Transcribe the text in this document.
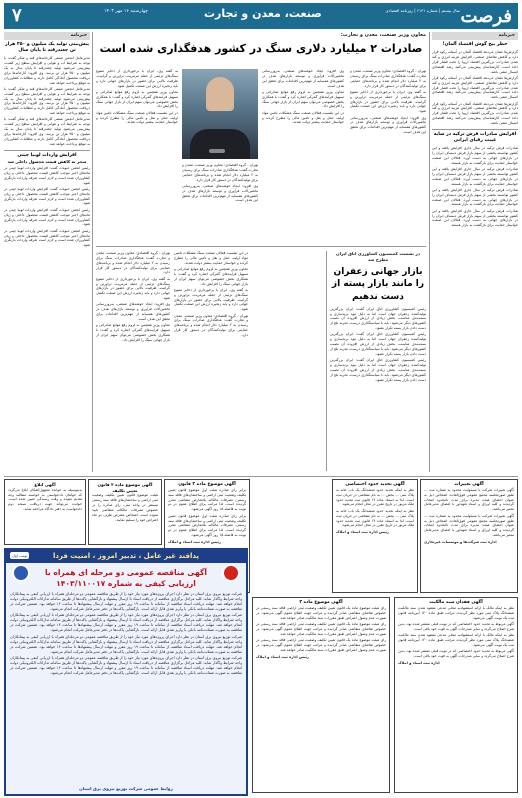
فرصت
سال بیستم | شماره ۶۱۳۱ | روزنامه اقتصادی
صنعت، معدن و تجارت
چهارشنبه ۱۶ مهر ۱۴۰۳
۷
خبرنامه
خطر بیخ گوش اقتصاد آلمان!

گزارش‌ها نشان می‌دهد اقتصاد آلمان در آستانه رکود قرار دارد و کاهش تقاضای صنعتی، افزایش هزینه انرژی و کند شدن صادرات، بزرگترین اقتصاد اروپا را تحت فشار قرار داده است. کارشناسان پیش‌بینی می‌کنند رشد اقتصادی امسال منفی باشد.

گزارش‌ها نشان می‌دهد اقتصاد آلمان در آستانه رکود قرار دارد و کاهش تقاضای صنعتی، افزایش هزینه انرژی و کند شدن صادرات، بزرگترین اقتصاد اروپا را تحت فشار قرار داده است. کارشناسان پیش‌بینی می‌کنند رشد اقتصادی امسال منفی باشد.

گزارش‌ها نشان می‌دهد اقتصاد آلمان در آستانه رکود قرار دارد و کاهش تقاضای صنعتی، افزایش هزینه انرژی و کند شدن صادرات، بزرگترین اقتصاد اروپا را تحت فشار قرار داده است. کارشناسان پیش‌بینی می‌کنند رشد اقتصادی امسال منفی باشد.

افزایش صادرات فرش ترکیه در سایه غیبت رقبای ایرانی

صادرات فرش ترکیه در سال جاری افزایش یافته و این کشور توانسته بخشی از سهم بازار فرش دستباف ایران را در بازارهای جهانی به دست آورد. فعالان این صنعت خواستار حمایت برای بازگشت به بازار هستند.

صادرات فرش ترکیه در سال جاری افزایش یافته و این کشور توانسته بخشی از سهم بازار فرش دستباف ایران را در بازارهای جهانی به دست آورد. فعالان این صنعت خواستار حمایت برای بازگشت به بازار هستند.

صادرات فرش ترکیه در سال جاری افزایش یافته و این کشور توانسته بخشی از سهم بازار فرش دستباف ایران را در بازارهای جهانی به دست آورد. فعالان این صنعت خواستار حمایت برای بازگشت به بازار هستند.

صادرات فرش ترکیه در سال جاری افزایش یافته و این کشور توانسته بخشی از سهم بازار فرش دستباف ایران را در بازارهای جهانی به دست آورد. فعالان این صنعت خواستار حمایت برای بازگشت به بازار هستند.

خبرنامه
پیش‌بینی تولید یک میلیون و ۳۵۰ هزار تن چغندرقند تا پایان سال

مدیرعامل انجمن صنفی کارخانه‌های قند و شکر گفت: با توجه به شرایط آب و هوایی و افزایش سطح زیر کشت، پیش‌بینی می‌شود تولید چغندرقند تا پایان سال به یک میلیون و ۳۵۰ هزار تن برسد. وی افزود: کارخانه‌ها برای دریافت محصول آمادگی کامل دارند و مطالبات کشاورزان به موقع پرداخت خواهد شد.

مدیرعامل انجمن صنفی کارخانه‌های قند و شکر گفت: با توجه به شرایط آب و هوایی و افزایش سطح زیر کشت، پیش‌بینی می‌شود تولید چغندرقند تا پایان سال به یک میلیون و ۳۵۰ هزار تن برسد. وی افزود: کارخانه‌ها برای دریافت محصول آمادگی کامل دارند و مطالبات کشاورزان به موقع پرداخت خواهد شد.

مدیرعامل انجمن صنفی کارخانه‌های قند و شکر گفت: با توجه به شرایط آب و هوایی و افزایش سطح زیر کشت، پیش‌بینی می‌شود تولید چغندرقند تا پایان سال به یک میلیون و ۳۵۰ هزار تن برسد. وی افزود: کارخانه‌ها برای دریافت محصول آمادگی کامل دارند و مطالبات کشاورزان به موقع پرداخت خواهد شد.

افزایش واردات لوبیا چیتی
منجر به کاهش قیمت محصول داخلی شد

رئیس انجمن حبوبات گفت: افزایش واردات لوبیا چیتی در ماه‌های اخیر موجب کاهش قیمت محصول داخلی و زیان کشاورزان شده است و لازم است تعرفه واردات بازنگری شود.

رئیس انجمن حبوبات گفت: افزایش واردات لوبیا چیتی در ماه‌های اخیر موجب کاهش قیمت محصول داخلی و زیان کشاورزان شده است و لازم است تعرفه واردات بازنگری شود.

رئیس انجمن حبوبات گفت: افزایش واردات لوبیا چیتی در ماه‌های اخیر موجب کاهش قیمت محصول داخلی و زیان کشاورزان شده است و لازم است تعرفه واردات بازنگری شود.

رئیس انجمن حبوبات گفت: افزایش واردات لوبیا چیتی در ماه‌های اخیر موجب کاهش قیمت محصول داخلی و زیان کشاورزان شده است و لازم است تعرفه واردات بازنگری شود.

معاون وزیر صنعت، معدن و تجارت:
صادرات ۲ میلیارد دلاری سنگ در کشور هدفگذاری شده است

تهران - گروه اقتصادی: معاون وزیر صنعت، معدن و تجارت گفت: هدفگذاری صادرات سنگ برای رسیدن به ۲ میلیارد دلار انجام شده و برنامه‌های حمایتی برای تولیدکنندگان در دستور کار قرار دارد.

به گفته وی، ایران با برخورداری از ذخایر متنوع سنگ‌های تزئینی از جمله مرمریت، تراورتن و گرانیت، ظرفیت بالایی برای حضور در بازارهای جهانی دارد و باید زنجیره ارزش این صنعت تکمیل شود.

وی افزود: ایجاد خوشه‌های صنعتی، به‌روزرسانی ماشین‌آلات فرآوری و توسعه بازارهای هدف در کشورهای همسایه از مهم‌ترین اقدامات برای تحقق این هدف است.

وی افزود: ایجاد خوشه‌های صنعتی، به‌روزرسانی ماشین‌آلات فرآوری و توسعه بازارهای هدف در کشورهای همسایه از مهم‌ترین اقدامات برای تحقق این هدف است.

معاون وزیر همچنین به لزوم رفع موانع صادراتی و تسهیل فرآیندهای گمرکی اشاره کرد و گفت: با همکاری بخش خصوصی می‌توان سهم ایران از بازار جهانی سنگ را افزایش داد.

در این نشست فعالان صنعت سنگ مشکلات تامین مواد اولیه، حمل و نقل و تامین مالی را مطرح کردند و خواستار حمایت بیشتر دولت شدند.

به گفته وی، ایران با برخورداری از ذخایر متنوع سنگ‌های تزئینی از جمله مرمریت، تراورتن و گرانیت، ظرفیت بالایی برای حضور در بازارهای جهانی دارد و باید زنجیره ارزش این صنعت تکمیل شود.

معاون وزیر همچنین به لزوم رفع موانع صادراتی و تسهیل فرآیندهای گمرکی اشاره کرد و گفت: با همکاری بخش خصوصی می‌توان سهم ایران از بازار جهانی سنگ را افزایش داد.

در این نشست فعالان صنعت سنگ مشکلات تامین مواد اولیه، حمل و نقل و تامین مالی را مطرح کردند و خواستار حمایت بیشتر دولت شدند.

تهران - گروه اقتصادی: معاون وزیر صنعت، معدن و تجارت گفت: هدفگذاری صادرات سنگ برای رسیدن به ۲ میلیارد دلار انجام شده و برنامه‌های حمایتی برای تولیدکنندگان در دستور کار قرار دارد.

وی افزود: ایجاد خوشه‌های صنعتی، به‌روزرسانی ماشین‌آلات فرآوری و توسعه بازارهای هدف در کشورهای همسایه از مهم‌ترین اقدامات برای تحقق این هدف است.

در نشست کمیسیون کشاورزی اتاق ایران مطرح شد
بازار جهانی زعفران را مانند بازار پسته از دست ندهیم

رئیس کمیسیون کشاورزی اتاق ایران گفت: ایران بزرگترین تولیدکننده زعفران جهان است اما به دلیل نبود برندسازی و بسته‌بندی مناسب، بخش زیادی از ارزش افزوده آن نصیب کشورهای دیگر می‌شود. باید با سیاستگذاری درست، تجربه تلخ از دست دادن بازار پسته تکرار نشود.

رئیس کمیسیون کشاورزی اتاق ایران گفت: ایران بزرگترین تولیدکننده زعفران جهان است اما به دلیل نبود برندسازی و بسته‌بندی مناسب، بخش زیادی از ارزش افزوده آن نصیب کشورهای دیگر می‌شود. باید با سیاستگذاری درست، تجربه تلخ از دست دادن بازار پسته تکرار نشود.

رئیس کمیسیون کشاورزی اتاق ایران گفت: ایران بزرگترین تولیدکننده زعفران جهان است اما به دلیل نبود برندسازی و بسته‌بندی مناسب، بخش زیادی از ارزش افزوده آن نصیب کشورهای دیگر می‌شود. باید با سیاستگذاری درست، تجربه تلخ از دست دادن بازار پسته تکرار نشود.

تهران - گروه اقتصادی: معاون وزیر صنعت، معدن و تجارت گفت: هدفگذاری صادرات سنگ برای رسیدن به ۲ میلیارد دلار انجام شده و برنامه‌های حمایتی برای تولیدکنندگان در دستور کار قرار دارد.

به گفته وی، ایران با برخورداری از ذخایر متنوع سنگ‌های تزئینی از جمله مرمریت، تراورتن و گرانیت، ظرفیت بالایی برای حضور در بازارهای جهانی دارد و باید زنجیره ارزش این صنعت تکمیل شود.

وی افزود: ایجاد خوشه‌های صنعتی، به‌روزرسانی ماشین‌آلات فرآوری و توسعه بازارهای هدف در کشورهای همسایه از مهم‌ترین اقدامات برای تحقق این هدف است.

معاون وزیر همچنین به لزوم رفع موانع صادراتی و تسهیل فرآیندهای گمرکی اشاره کرد و گفت: با همکاری بخش خصوصی می‌توان سهم ایران از بازار جهانی سنگ را افزایش داد.

در این نشست فعالان صنعت سنگ مشکلات تامین مواد اولیه، حمل و نقل و تامین مالی را مطرح کردند و خواستار حمایت بیشتر دولت شدند.

معاون وزیر همچنین به لزوم رفع موانع صادراتی و تسهیل فرآیندهای گمرکی اشاره کرد و گفت: با همکاری بخش خصوصی می‌توان سهم ایران از بازار جهانی سنگ را افزایش داد.

به گفته وی، ایران با برخورداری از ذخایر متنوع سنگ‌های تزئینی از جمله مرمریت، تراورتن و گرانیت، ظرفیت بالایی برای حضور در بازارهای جهانی دارد و باید زنجیره ارزش این صنعت تکمیل شود.

تهران - گروه اقتصادی: معاون وزیر صنعت، معدن و تجارت گفت: هدفگذاری صادرات سنگ برای رسیدن به ۲ میلیارد دلار انجام شده و برنامه‌های حمایتی برای تولیدکنندگان در دستور کار قرار دارد.

آگهی تغییرات

آگهی تغییرات شرکت با مسئولیت محدود به شماره ثبت ... طبق صورتجلسه مجمع عمومی فوق‌العاده، اشخاص ذیل به عنوان اعضای هیئت مدیره برای مدت نامحدود انتخاب گردیدند و کلیه اوراق و اسناد تعهدآور با امضای مدیرعامل معتبر می‌باشد.

آگهی تغییرات شرکت با مسئولیت محدود به شماره ثبت ... طبق صورتجلسه مجمع عمومی فوق‌العاده، اشخاص ذیل به عنوان اعضای هیئت مدیره برای مدت نامحدود انتخاب گردیدند و کلیه اوراق و اسناد تعهدآور با امضای مدیرعامل معتبر می‌باشد.

اداره ثبت شرکت‌ها و موسسات غیرتجاری
آگهی تحدید حدود اختصاصی

نظر به اینکه تحدید حدود ششدانگ یک باب خانه به پلاک ثبتی ... بخش ... به نام متقاضی در جریان ثبت است، لذا به استناد ماده ۱۴ قانون ثبت تحدید حدود ملک مزبور در تاریخ مقرر در محل انجام می‌شود.

نظر به اینکه تحدید حدود ششدانگ یک باب خانه به پلاک ثبتی ... بخش ... به نام متقاضی در جریان ثبت است، لذا به استناد ماده ۱۴ قانون ثبت تحدید حدود ملک مزبور در تاریخ مقرر در محل انجام می‌شود.

رئیس اداره ثبت اسناد و املاک
آگهی موضوع ماده ۳ قانون

برابر رای صادره هیئت اول موضوع قانون تعیین تکلیف وضعیت ثبتی اراضی و ساختمان‌های فاقد سند رسمی، تصرفات مالکانه بلامعارض متقاضی محرز گردیده است. لذا مراتب برای اطلاع عموم در دو نوبت به فاصله ۱۵ روز آگهی می‌شود.

برابر رای صادره هیئت اول موضوع قانون تعیین تکلیف وضعیت ثبتی اراضی و ساختمان‌های فاقد سند رسمی، تصرفات مالکانه بلامعارض متقاضی محرز گردیده است. لذا مراتب برای اطلاع عموم در دو نوبت به فاصله ۱۵ روز آگهی می‌شود.

رئیس اداره ثبت اسناد و املاک
آگهی موضوع ماده ۳ قانون تعیین تکلیف

هیئت موضوع قانون تعیین تکلیف وضعیت ثبتی اراضی و ساختمان‌های فاقد سند رسمی مستقر در واحد ثبتی، رای صادره را در خصوص تصرفات مالکانه متقاضی تایید نموده است. اشخاص معترض ظرف دو ماه اعتراض خود را تسلیم نمایند.

آگهی ابلاغ

بدینوسیله به خوانده مجهول‌المکان ابلاغ می‌گردد که خواهان دادخواستی به خواسته مطالبه وجه تقدیم نموده و وقت رسیدگی تعیین شده است. خوانده می‌تواند جهت دریافت نسخه دوم دادخواست به دفتر دادگاه مراجعه نماید.

پدافند غیر عامل ، تدبیر امروز ، امنیت فردا
نوبت اول
آگهی مناقصه عمومی دو مرحله ای همراه با ارزیابی کیفی به شماره ۱۴۰۳/۱۱۰۰۱۷

شرکت توزیع نیروی برق استان در نظر دارد اجرای پروژه‌های مورد نیاز خود را از طریق مناقصه عمومی دو مرحله‌ای همراه با ارزیابی کیفی به پیمانکاران واجد شرایط واگذار نماید. کلیه مراحل برگزاری مناقصه از دریافت اسناد تا ارسال پیشنهاد و بازگشایی پاکت‌ها از طریق سامانه تدارکات الکترونیکی دولت انجام خواهد شد. مهلت دریافت اسناد مناقصه از سامانه تا ساعت ۱۹ روز مقرر و مهلت ارسال پیشنهادها تا ساعت ۱۴ خواهد بود. تضمین شرکت در مناقصه به صورت ضمانت‌نامه بانکی یا واریز نقدی قابل ارائه است. بازگشایی پاکت‌ها در دفتر مدیرعامل شرکت انجام می‌شود.

شرکت توزیع نیروی برق استان در نظر دارد اجرای پروژه‌های مورد نیاز خود را از طریق مناقصه عمومی دو مرحله‌ای همراه با ارزیابی کیفی به پیمانکاران واجد شرایط واگذار نماید. کلیه مراحل برگزاری مناقصه از دریافت اسناد تا ارسال پیشنهاد و بازگشایی پاکت‌ها از طریق سامانه تدارکات الکترونیکی دولت انجام خواهد شد. مهلت دریافت اسناد مناقصه از سامانه تا ساعت ۱۹ روز مقرر و مهلت ارسال پیشنهادها تا ساعت ۱۴ خواهد بود. تضمین شرکت در مناقصه به صورت ضمانت‌نامه بانکی یا واریز نقدی قابل ارائه است. بازگشایی پاکت‌ها در دفتر مدیرعامل شرکت انجام می‌شود.

شرکت توزیع نیروی برق استان در نظر دارد اجرای پروژه‌های مورد نیاز خود را از طریق مناقصه عمومی دو مرحله‌ای همراه با ارزیابی کیفی به پیمانکاران واجد شرایط واگذار نماید. کلیه مراحل برگزاری مناقصه از دریافت اسناد تا ارسال پیشنهاد و بازگشایی پاکت‌ها از طریق سامانه تدارکات الکترونیکی دولت انجام خواهد شد. مهلت دریافت اسناد مناقصه از سامانه تا ساعت ۱۹ روز مقرر و مهلت ارسال پیشنهادها تا ساعت ۱۴ خواهد بود. تضمین شرکت در مناقصه به صورت ضمانت‌نامه بانکی یا واریز نقدی قابل ارائه است. بازگشایی پاکت‌ها در دفتر مدیرعامل شرکت انجام می‌شود.

شرکت توزیع نیروی برق استان در نظر دارد اجرای پروژه‌های مورد نیاز خود را از طریق مناقصه عمومی دو مرحله‌ای همراه با ارزیابی کیفی به پیمانکاران واجد شرایط واگذار نماید. کلیه مراحل برگزاری مناقصه از دریافت اسناد تا ارسال پیشنهاد و بازگشایی پاکت‌ها از طریق سامانه تدارکات الکترونیکی دولت انجام خواهد شد. مهلت دریافت اسناد مناقصه از سامانه تا ساعت ۱۹ روز مقرر و مهلت ارسال پیشنهادها تا ساعت ۱۴ خواهد بود. تضمین شرکت در مناقصه به صورت ضمانت‌نامه بانکی یا واریز نقدی قابل ارائه است. بازگشایی پاکت‌ها در دفتر مدیرعامل شرکت انجام می‌شود.

روابط عمومی شرکت توزیع نیروی برق استان
آگهی فقدان سند مالکیت

نظر به اینکه مالک با ارائه استشهادیه محلی مدعی مفقود شدن سند مالکیت ششدانگ پلاک ثبتی مورد نظر گردیده، مراتب طبق ماده ۱۲۰ آیین‌نامه قانون ثبت یک نوبت آگهی می‌شود.

آگهی مربوط به تحدید حدود اختصاصی که در نوبت قبلی منتشر شده بود، بدین شرح اصلاح می‌گردد و سایر مندرجات آگهی به قوت خود باقی است.

نظر به اینکه مالک با ارائه استشهادیه محلی مدعی مفقود شدن سند مالکیت ششدانگ پلاک ثبتی مورد نظر گردیده، مراتب طبق ماده ۱۲۰ آیین‌نامه قانون ثبت یک نوبت آگهی می‌شود.

آگهی مربوط به تحدید حدود اختصاصی که در نوبت قبلی منتشر شده بود، بدین شرح اصلاح می‌گردد و سایر مندرجات آگهی به قوت خود باقی است.

اداره ثبت اسناد و املاک
آگهی موضوع ماده ۳

رای هیئت موضوع ماده یک قانون تعیین تکلیف وضعیت ثبتی اراضی فاقد سند رسمی در خصوص تقاضای متقاضی صادر گردیده و مراتب جهت اطلاع عموم آگهی می‌شود. در صورت عدم وصول اعتراض طبق مقررات سند مالکیت صادر خواهد شد.

رای هیئت موضوع ماده یک قانون تعیین تکلیف وضعیت ثبتی اراضی فاقد سند رسمی در خصوص تقاضای متقاضی صادر گردیده و مراتب جهت اطلاع عموم آگهی می‌شود. در صورت عدم وصول اعتراض طبق مقررات سند مالکیت صادر خواهد شد.

رای هیئت موضوع ماده یک قانون تعیین تکلیف وضعیت ثبتی اراضی فاقد سند رسمی در خصوص تقاضای متقاضی صادر گردیده و مراتب جهت اطلاع عموم آگهی می‌شود. در صورت عدم وصول اعتراض طبق مقررات سند مالکیت صادر خواهد شد.

رئیس اداره ثبت اسناد و املاک
